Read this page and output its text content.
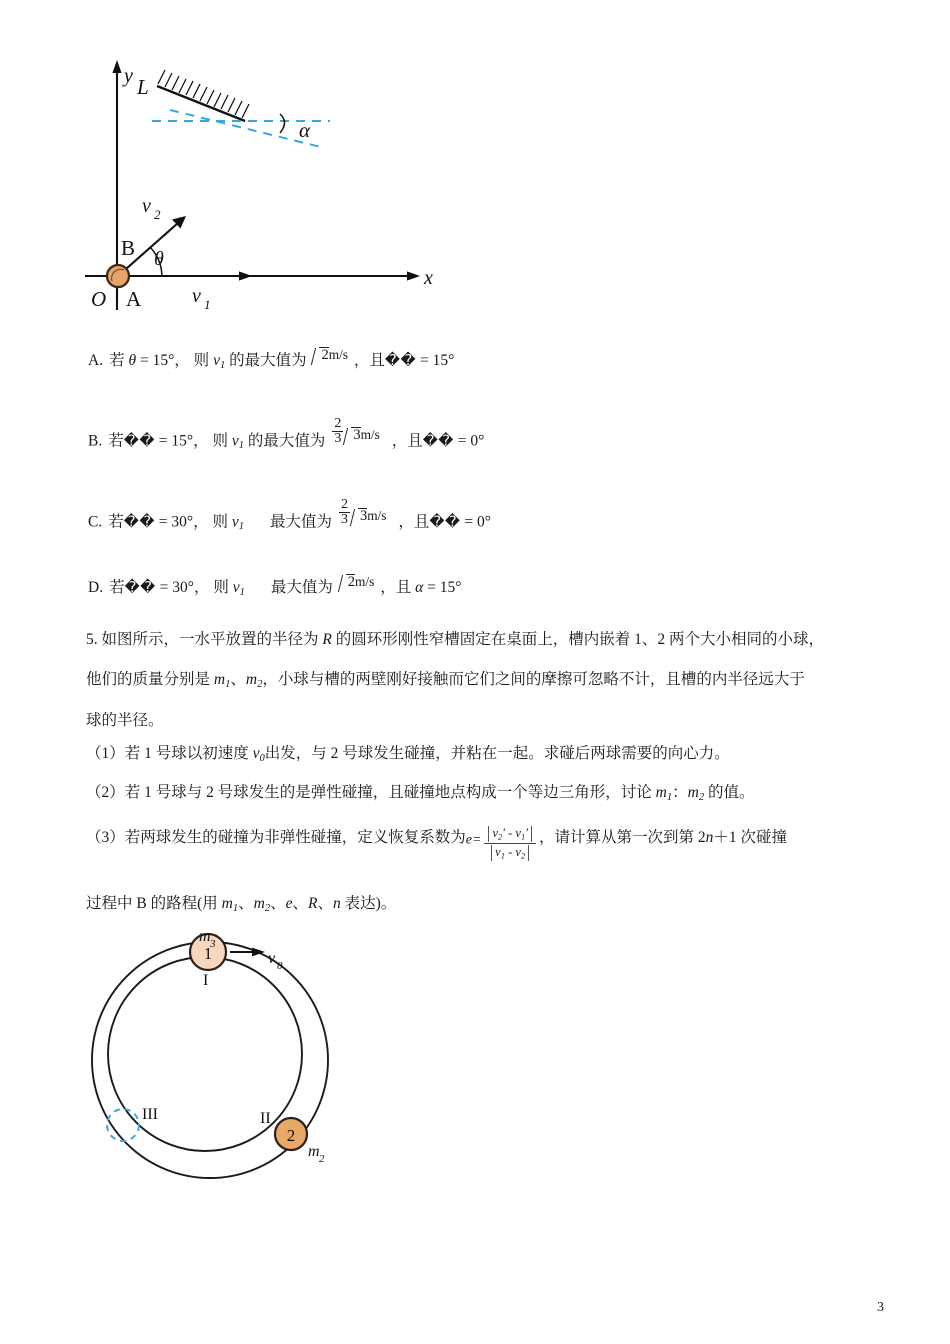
y
x
L
α
θ
v 2
v 1
B
O A
A. 若 θ = 15°， 则 $v_1$ 的最大值为 2m/s ，且�� = 15°
B. 若�� = 15°， 则 $v_1$ 的最大值为 $\frac{2}{3} 3m/s$ ，且�� = 0°
C. 若�� = 30°， 则 $v_1$ 最大值为 $\frac{2}{3} 3m/s$ ，且�� = 0°
D. 若�� = 30°， 则 $v_1$ 最大值为 2m/s ，且 α = 15°
5. 如图所示，一水平放置的半径为 R 的圆环形刚性窄槽固定在桌面上，槽内嵌着 1、2 两个大小相同的小球，
他们的质量分别是 $m_1$、$m_2$，小球与槽的两壁刚好接触而它们之间的摩擦可忽略不计，且槽的内半径远大于
球的半径。
（1）若 1 号球以初速度 $v_0$出发，与 2 号球发生碰撞，并粘在一起。求碰后两球需要的向心力。
（2）若 1 号球与 2 号球发生的是弹性碰撞，且碰撞地点构成一个等边三角形，讨论 $m_1$：$m_2$ 的值。
（3）若两球发生的碰撞为非弹性碰撞，定义恢复系数为$e= \frac{v_2' - v_1'}{v_1 - v_2}$ ，请计算从第一次到第 2n＋1 次碰撞
过程中 B 的路程(用 $m_1$、$m_2$、e、R、n 表达)。
1
2
m 3
v 0
m 2
I
II
III
3
